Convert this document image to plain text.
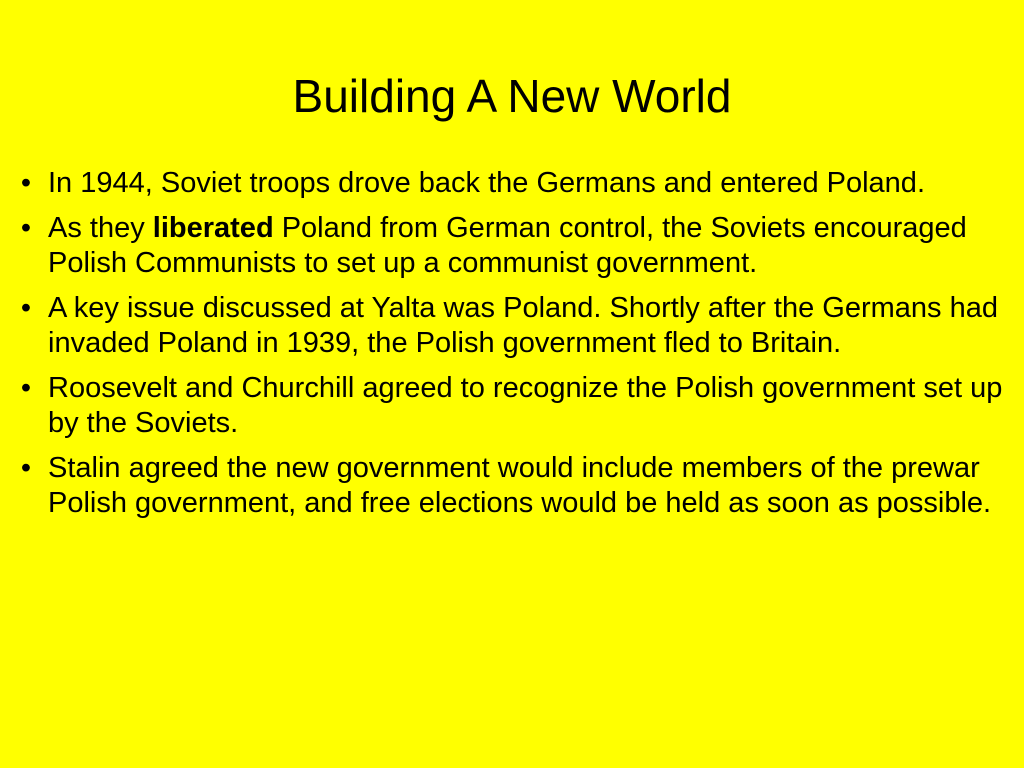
Building A New World
• In 1944, Soviet troops drove back the Germans and entered Poland.
• As they liberated Poland from German control, the Soviets encouraged Polish Communists to set up a communist government.
• A key issue discussed at Yalta was Poland. Shortly after the Germans had invaded Poland in 1939, the Polish government fled to Britain.
• Roosevelt and Churchill agreed to recognize the Polish government set up by the Soviets.
• Stalin agreed the new government would include members of the prewar Polish government, and free elections would be held as soon as possible.
